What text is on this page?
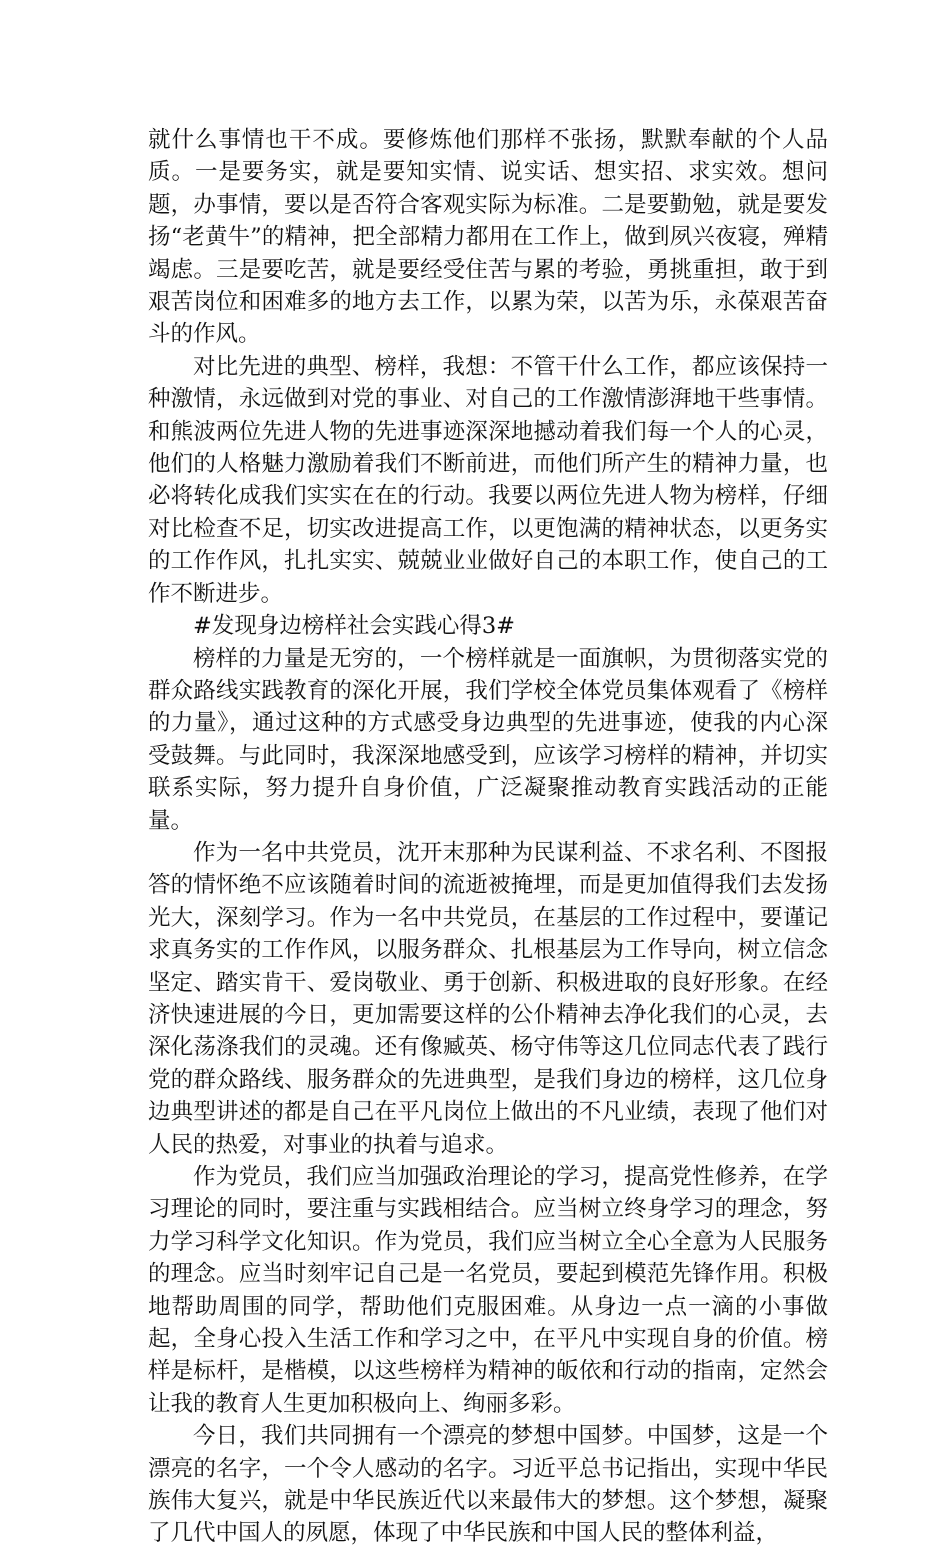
就什么事情也干不成。要修炼他们那样不张扬，默默奉献的个人品质。一是要务实，就是要知实情、说实话、想实招、求实效。想问题，办事情，要以是否符合客观实际为标准。二是要勤勉，就是要发扬“老黄牛”的精神，把全部精力都用在工作上，做到夙兴夜寝，殚精竭虑。三是要吃苦，就是要经受住苦与累的考验，勇挑重担，敢于到艰苦岗位和困难多的地方去工作，以累为荣，以苦为乐，永葆艰苦奋斗的作风。

对比先进的典型、榜样，我想：不管干什么工作，都应该保持一种激情，永远做到对党的事业、对自己的工作激情澎湃地干些事情。和熊波两位先进人物的先进事迹深深地撼动着我们每一个人的心灵，他们的人格魅力激励着我们不断前进，而他们所产生的精神力量，也必将转化成我们实实在在的行动。我要以两位先进人物为榜样，仔细对比检查不足，切实改进提高工作，以更饱满的精神状态，以更务实的工作作风，扎扎实实、兢兢业业做好自己的本职工作，使自己的工作不断进步。

#发现身边榜样社会实践心得3#

榜样的力量是无穷的，一个榜样就是一面旗帜，为贯彻落实党的群众路线实践教育的深化开展，我们学校全体党员集体观看了《榜样的力量》，通过这种的方式感受身边典型的先进事迹，使我的内心深受鼓舞。与此同时，我深深地感受到，应该学习榜样的精神，并切实联系实际，努力提升自身价值，广泛凝聚推动教育实践活动的正能量。

作为一名中共党员，沈开末那种为民谋利益、不求名利、不图报答的情怀绝不应该随着时间的流逝被掩埋，而是更加值得我们去发扬光大，深刻学习。作为一名中共党员，在基层的工作过程中，要谨记求真务实的工作作风，以服务群众、扎根基层为工作导向，树立信念坚定、踏实肯干、爱岗敬业、勇于创新、积极进取的良好形象。在经济快速进展的今日，更加需要这样的公仆精神去净化我们的心灵，去深化荡涤我们的灵魂。还有像臧英、杨守伟等这几位同志代表了践行党的群众路线、服务群众的先进典型，是我们身边的榜样，这几位身边典型讲述的都是自己在平凡岗位上做出的不凡业绩，表现了他们对人民的热爱，对事业的执着与追求。

作为党员，我们应当加强政治理论的学习，提高党性修养，在学习理论的同时，要注重与实践相结合。应当树立终身学习的理念，努力学习科学文化知识。作为党员，我们应当树立全心全意为人民服务的理念。应当时刻牢记自己是一名党员，要起到模范先锋作用。积极地帮助周围的同学，帮助他们克服困难。从身边一点一滴的小事做起，全身心投入生活工作和学习之中，在平凡中实现自身的价值。榜样是标杆，是楷模，以这些榜样为精神的皈依和行动的指南，定然会让我的教育人生更加积极向上、绚丽多彩。

今日，我们共同拥有一个漂亮的梦想中国梦。中国梦，这是一个漂亮的名字，一个令人感动的名字。习近平总书记指出，实现中华民族伟大复兴，就是中华民族近代以来最伟大的梦想。这个梦想，凝聚了几代中国人的夙愿，体现了中华民族和中国人民的整体利益，
